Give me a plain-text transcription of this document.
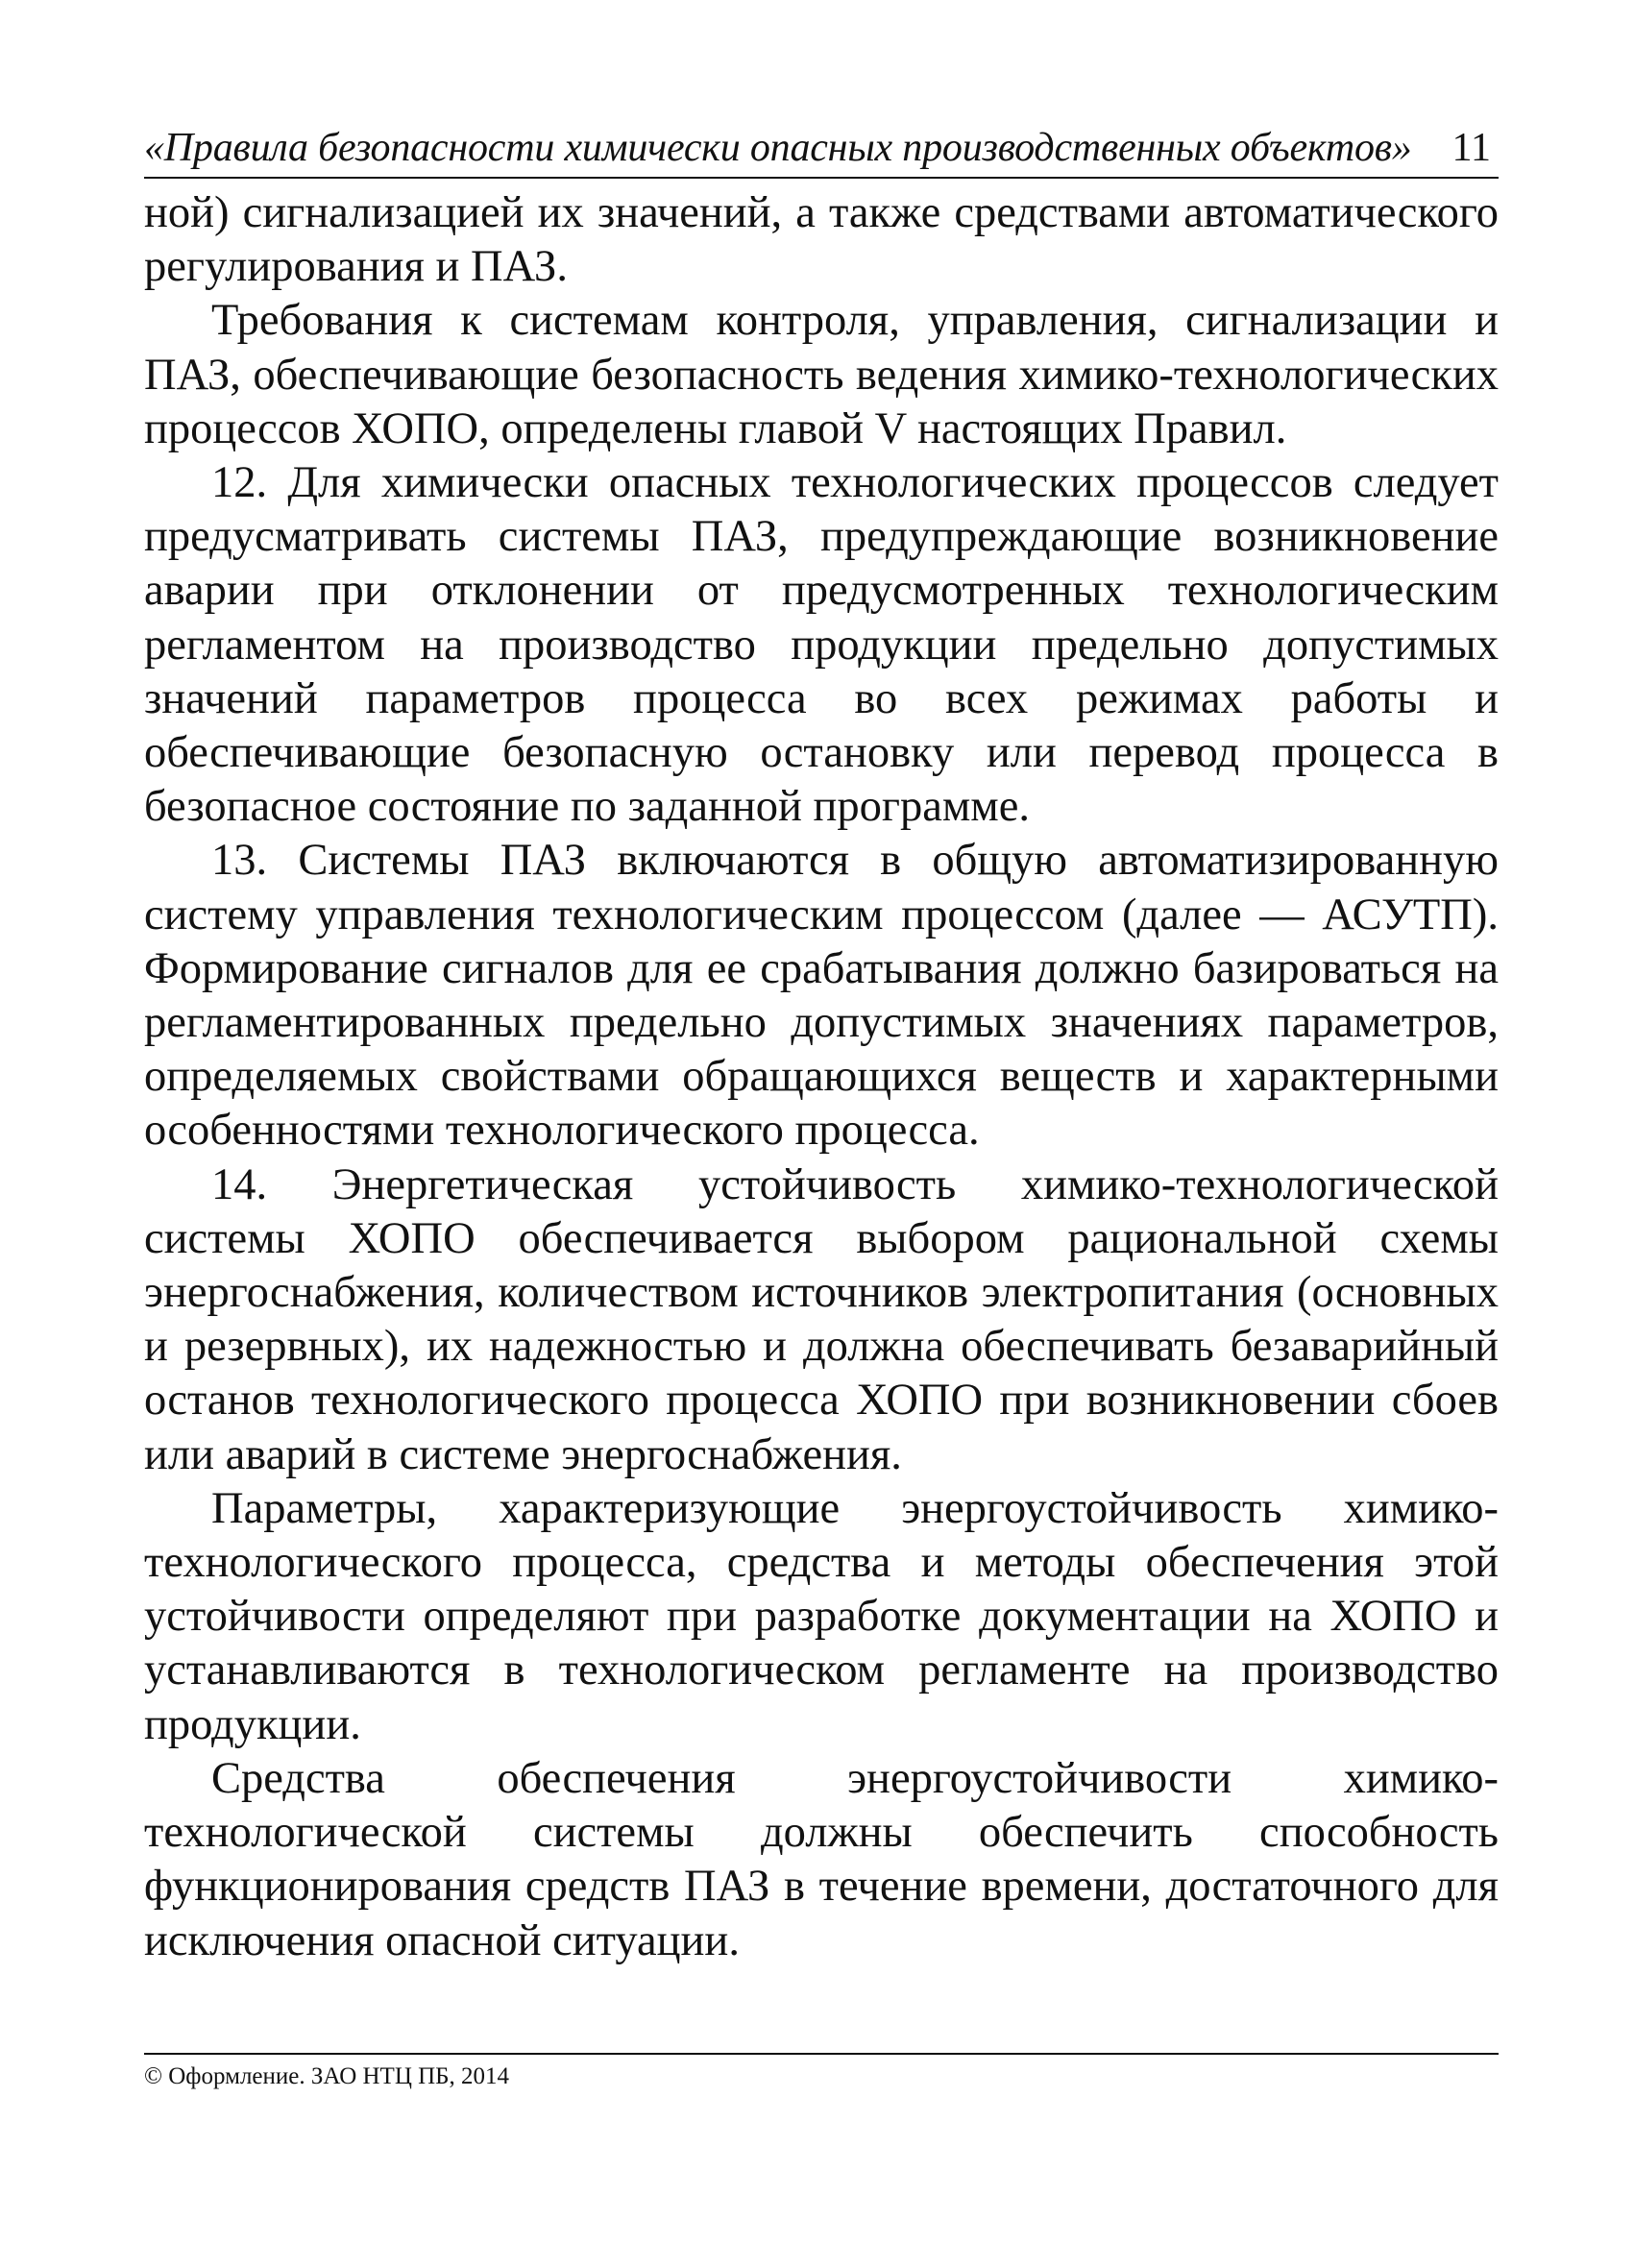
«Правила безопасности химически опасных производственных объектов» 11

ной) сигнализацией их значений, а также средствами автоматического регулирования и ПАЗ.

Требования к системам контроля, управления, сигнализации и ПАЗ, обеспечивающие безопасность ведения химико-технологических процессов ХОПО, определены главой V настоящих Правил.

12. Для химически опасных технологических процессов следует предусматривать системы ПАЗ, предупреждающие возникновение аварии при отклонении от предусмотренных технологическим регламентом на производство продукции предельно допустимых значений параметров процесса во всех режимах работы и обеспечивающие безопасную остановку или перевод процесса в безопасное состояние по заданной программе.

13. Системы ПАЗ включаются в общую автоматизированную систему управления технологическим процессом (далее — АСУТП). Формирование сигналов для ее срабатывания должно базироваться на регламентированных предельно допустимых значениях параметров, определяемых свойствами обращающихся веществ и характерными особенностями технологического процесса.

14. Энергетическая устойчивость химико-технологической системы ХОПО обеспечивается выбором рациональной схемы энергоснабжения, количеством источников электропитания (основных и резервных), их надежностью и должна обеспечивать безаварийный останов технологического процесса ХОПО при возникновении сбоев или аварий в системе энергоснабжения.

Параметры, характеризующие энергоустойчивость химико-технологического процесса, средства и методы обеспечения этой устойчивости определяют при разработке документации на ХОПО и устанавливаются в технологическом регламенте на производство продукции.

Средства обеспечения энергоустойчивости химико-технологической системы должны обеспечить способность функционирования средств ПАЗ в течение времени, достаточного для исключения опасной ситуации.

© Оформление. ЗАО НТЦ ПБ, 2014
